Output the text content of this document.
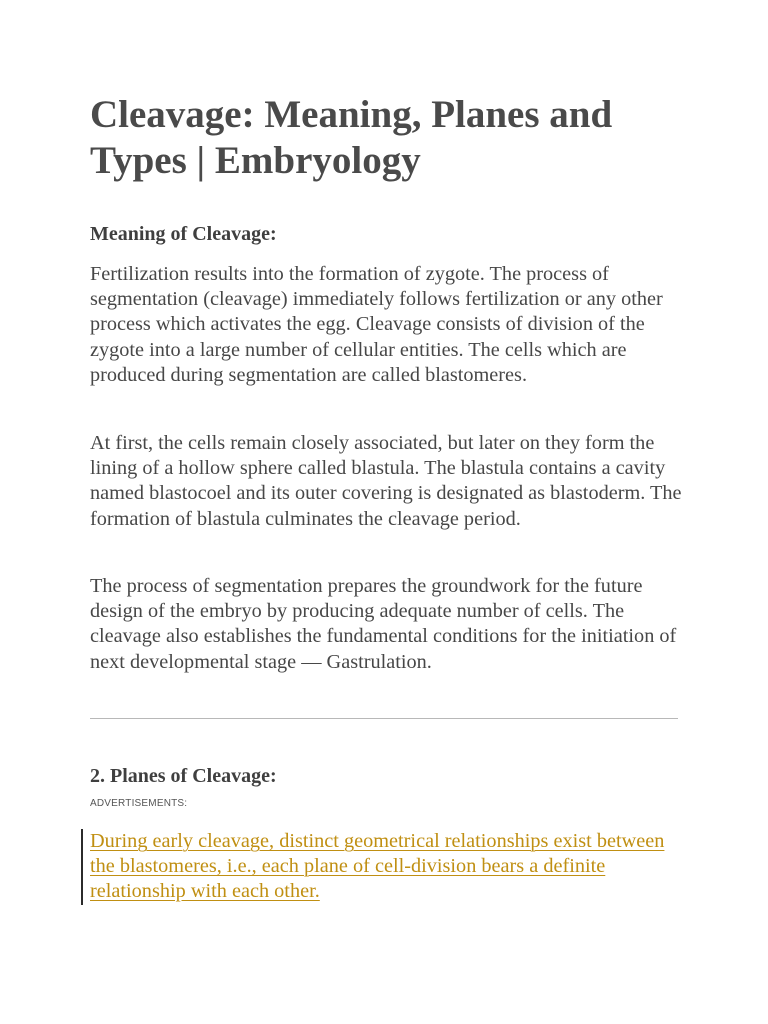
Cleavage: Meaning, Planes and Types | Embryology
Meaning of Cleavage:

Fertilization results into the formation of zygote. The process of segmentation (cleavage) immediately follows fertilization or any other process which activates the egg. Cleavage consists of division of the zygote into a large number of cellular entities. The cells which are produced during segmentation are called blastomeres.

At first, the cells remain closely associated, but later on they form the lining of a hollow sphere called blastula. The blastula contains a cavity named blastocoel and its outer covering is designated as blastoderm. The formation of blastula culminates the cleavage period.

The process of segmentation prepares the groundwork for the future design of the embryo by producing adequate number of cells. The cleavage also establishes the fundamental conditions for the initiation of next developmental stage — Gastrulation.

2. Planes of Cleavage:
ADVERTISEMENTS:
During early cleavage, distinct geometrical relationships exist between the blastomeres, i.e., each plane of cell-division bears a definite relationship with each other.
